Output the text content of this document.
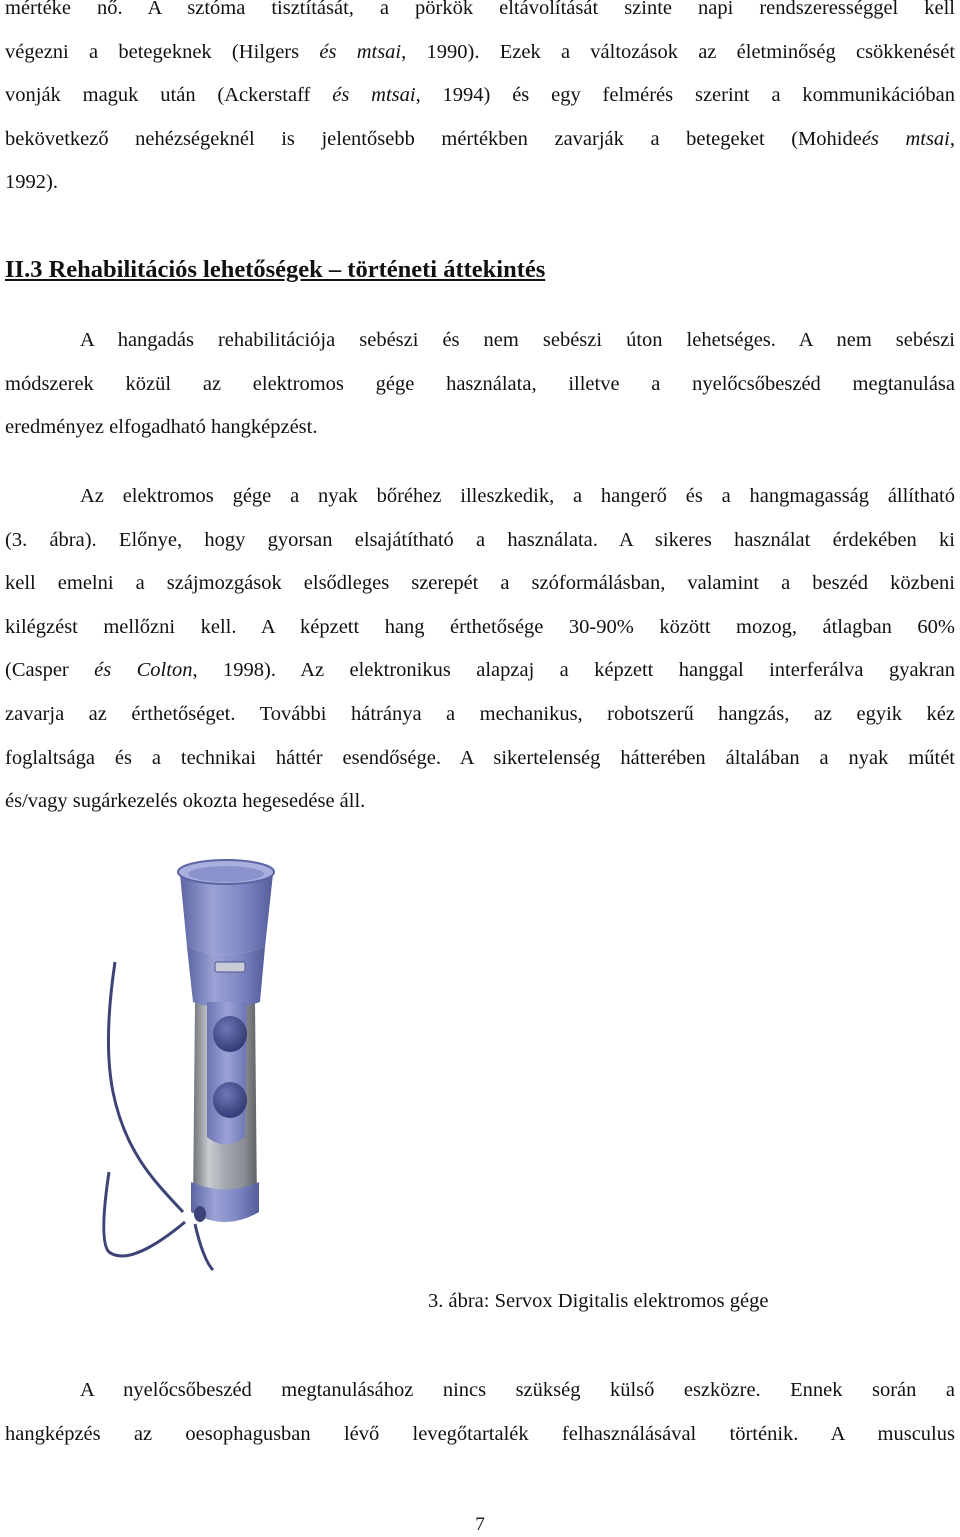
mértéke nő. A sztóma tisztítását, a pörkök eltávolítását szinte napi rendszerességgel kell
végezni a betegeknek (Hilgers és mtsai, 1990). Ezek a változások az életminőség csökkenését
vonják maguk után (Ackerstaff és mtsai, 1994) és egy felmérés szerint a kommunikációban
bekövetkező nehézségeknél is jelentősebb mértékben zavarják a betegeket (Mohideés mtsai,
1992).

II.3 Rehabilitációs lehetőségek – történeti áttekintés

A hangadás rehabilitációja sebészi és nem sebészi úton lehetséges. A nem sebészi
módszerek közül az elektromos gége használata, illetve a nyelőcsőbeszéd megtanulása
eredményez elfogadható hangképzést.
Az elektromos gége a nyak bőréhez illeszkedik, a hangerő és a hangmagasság állítható
(3. ábra). Előnye, hogy gyorsan elsajátítható a használata. A sikeres használat érdekében ki
kell emelni a szájmozgások elsődleges szerepét a szóformálásban, valamint a beszéd közbeni
kilégzést mellőzni kell. A képzett hang érthetősége 30-90% között mozog, átlagban 60%
(Casper és Colton, 1998). Az elektronikus alapzaj a képzett hanggal interferálva gyakran
zavarja az érthetőséget. További hátránya a mechanikus, robotszerű hangzás, az egyik kéz
foglaltsága és a technikai háttér esendősége. A sikertelenség hátterében általában a nyak műtét
és/vagy sugárkezelés okozta hegesedése áll.

3. ábra: Servox Digitalis elektromos gége

A nyelőcsőbeszéd megtanulásához nincs szükség külső eszközre. Ennek során a
hangképzés az oesophagusban lévő levegőtartalék felhasználásával történik. A musculus

7
